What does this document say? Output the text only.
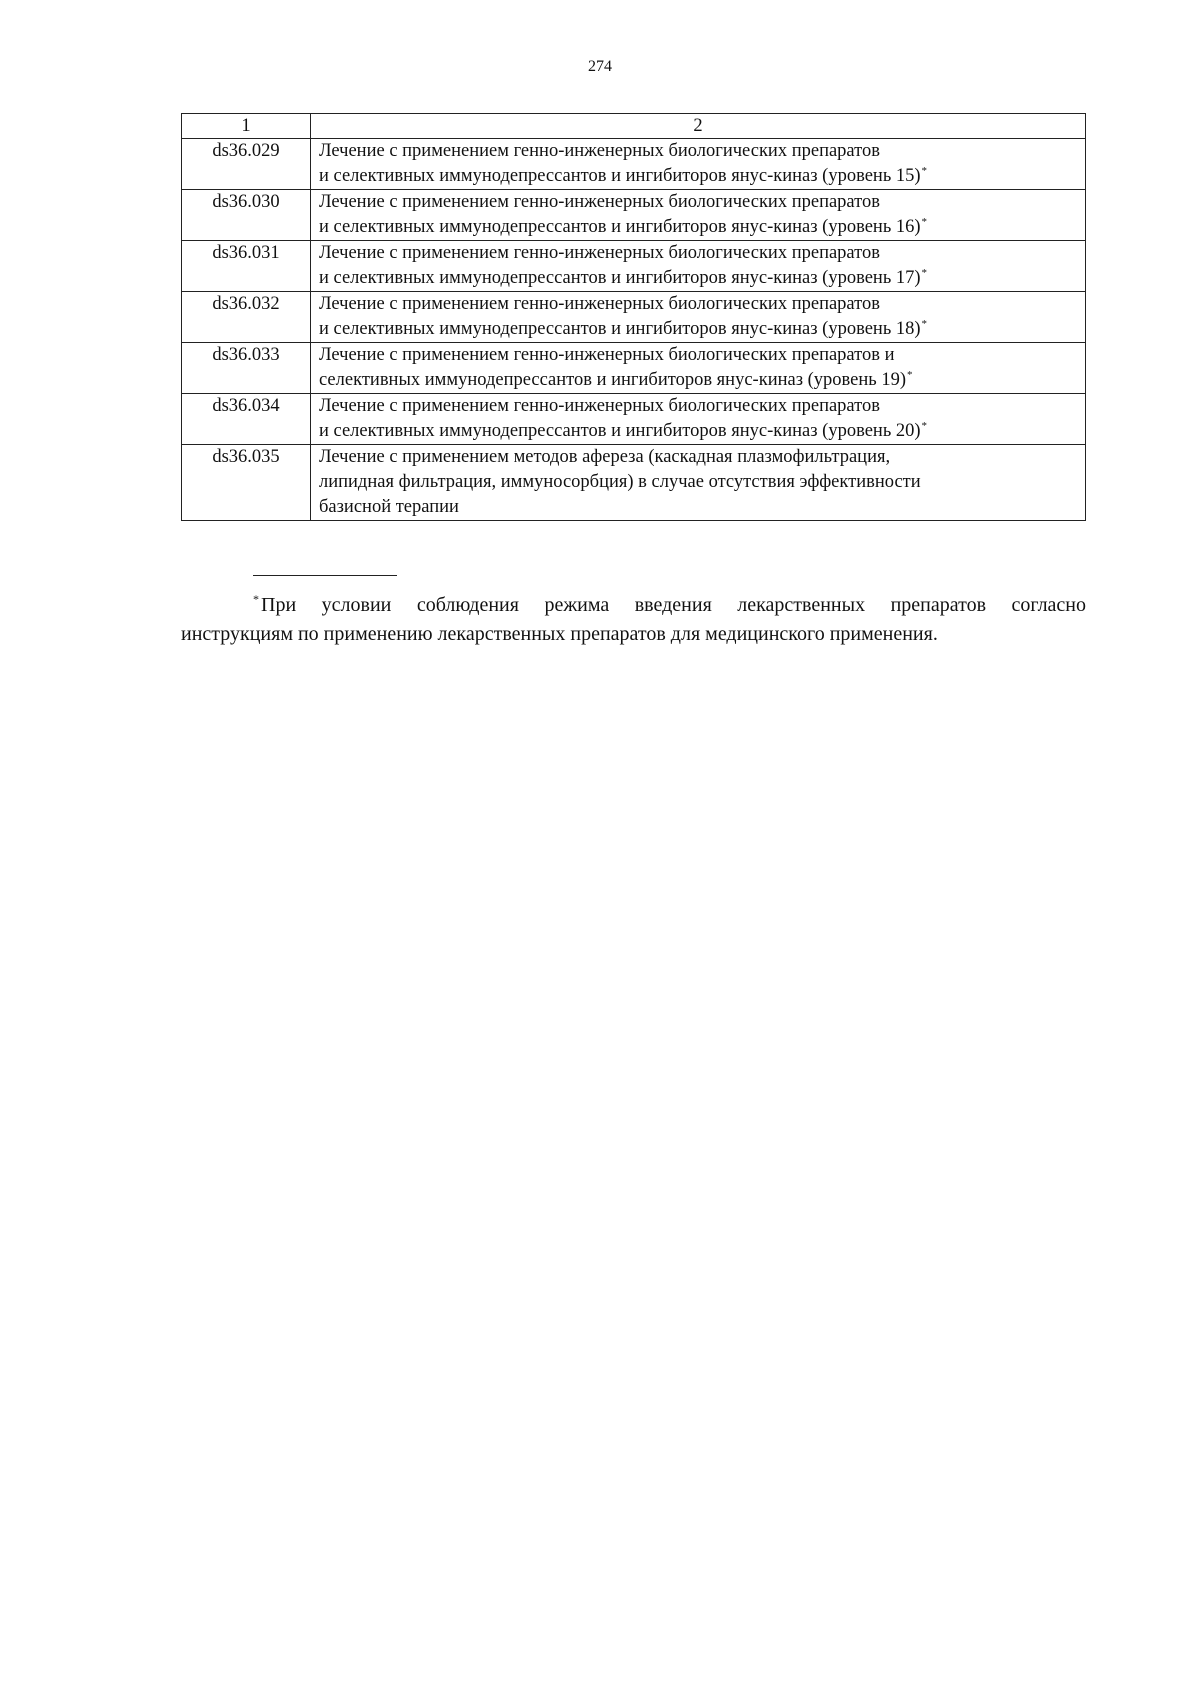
274
1	2
ds36.029	Лечение с применением генно-инженерных биологических препаратов
и селективных иммунодепрессантов и ингибиторов янус-киназ (уровень 15)*

ds36.030	Лечение с применением генно-инженерных биологических препаратов
и селективных иммунодепрессантов и ингибиторов янус-киназ (уровень 16)*

ds36.031	Лечение с применением генно-инженерных биологических препаратов
и селективных иммунодепрессантов и ингибиторов янус-киназ (уровень 17)*

ds36.032	Лечение с применением генно-инженерных биологических препаратов
и селективных иммунодепрессантов и ингибиторов янус-киназ (уровень 18)*

ds36.033	Лечение с применением генно-инженерных биологических препаратов и
селективных иммунодепрессантов и ингибиторов янус-киназ (уровень 19)*

ds36.034	Лечение с применением генно-инженерных биологических препаратов
и селективных иммунодепрессантов и ингибиторов янус-киназ (уровень 20)*

ds36.035	Лечение с применением методов афереза (каскадная плазмофильтрация,
липидная фильтрация, иммуносорбция) в случае отсутствия эффективности
базисной терапии

* При условии соблюдения режима введения лекарственных препаратов согласно
инструкциям по применению лекарственных препаратов для медицинского применения.
